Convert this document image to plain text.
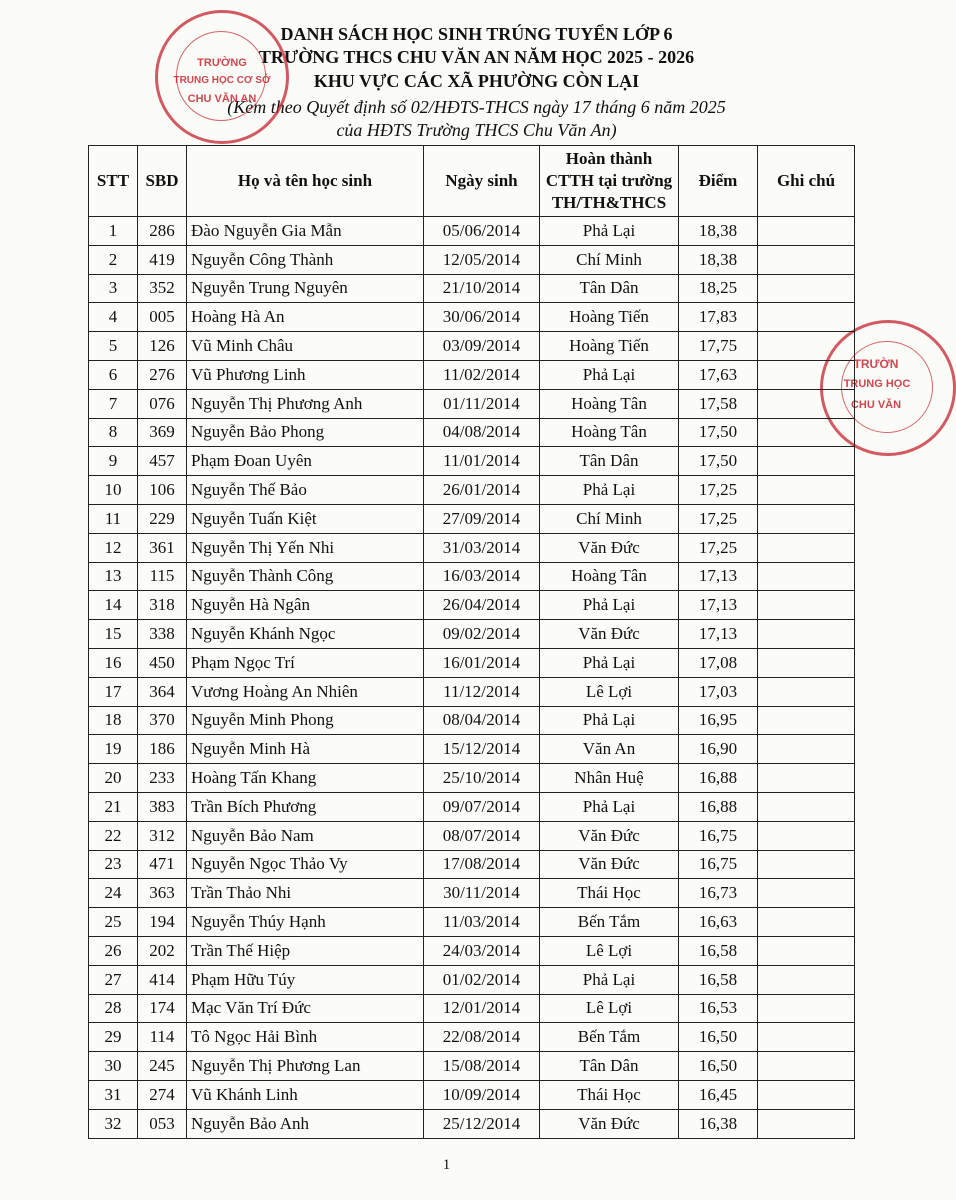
DANH SÁCH HỌC SINH TRÚNG TUYỂN LỚP 6
TRƯỜNG THCS CHU VĂN AN NĂM HỌC 2025 - 2026
KHU VỰC CÁC XÃ PHƯỜNG CÒN LẠI
(Kèm theo Quyết định số 02/HĐTS-THCS ngày 17 tháng 6 năm 2025
của HĐTS Trường THCS Chu Văn An)
TRƯỜNG
TRUNG HỌC CƠ SỞ
CHU VĂN AN
TRƯỜN
TRUNG HỌC
CHU VĂN
STT	SBD	Họ và tên học sinh	Ngày sinh	Hoàn thành
CTTH tại trường
TH/TH&THCS	Điểm	Ghi chú
1	286	Đào Nguyễn Gia Mẫn	05/06/2014	Phả Lại	18,38	
2	419	Nguyễn Công Thành	12/05/2014	Chí Minh	18,38	
3	352	Nguyễn Trung Nguyên	21/10/2014	Tân Dân	18,25	
4	005	Hoàng Hà An	30/06/2014	Hoàng Tiến	17,83	
5	126	Vũ Minh Châu	03/09/2014	Hoàng Tiến	17,75	
6	276	Vũ Phương Linh	11/02/2014	Phả Lại	17,63	
7	076	Nguyễn Thị Phương Anh	01/11/2014	Hoàng Tân	17,58	
8	369	Nguyễn Bảo Phong	04/08/2014	Hoàng Tân	17,50	
9	457	Phạm Đoan Uyên	11/01/2014	Tân Dân	17,50	
10	106	Nguyễn Thế Bảo	26/01/2014	Phả Lại	17,25	
11	229	Nguyễn Tuấn Kiệt	27/09/2014	Chí Minh	17,25	
12	361	Nguyễn Thị Yến Nhi	31/03/2014	Văn Đức	17,25	
13	115	Nguyễn Thành Công	16/03/2014	Hoàng Tân	17,13	
14	318	Nguyễn Hà Ngân	26/04/2014	Phả Lại	17,13	
15	338	Nguyễn Khánh Ngọc	09/02/2014	Văn Đức	17,13	
16	450	Phạm Ngọc Trí	16/01/2014	Phả Lại	17,08	
17	364	Vương Hoàng An Nhiên	11/12/2014	Lê Lợi	17,03	
18	370	Nguyễn Minh Phong	08/04/2014	Phả Lại	16,95	
19	186	Nguyễn Minh Hà	15/12/2014	Văn An	16,90	
20	233	Hoàng Tấn Khang	25/10/2014	Nhân Huệ	16,88	
21	383	Trần Bích Phương	09/07/2014	Phả Lại	16,88	
22	312	Nguyễn Bảo Nam	08/07/2014	Văn Đức	16,75	
23	471	Nguyễn Ngọc Thảo Vy	17/08/2014	Văn Đức	16,75	
24	363	Trần Thảo Nhi	30/11/2014	Thái Học	16,73	
25	194	Nguyễn Thúy Hạnh	11/03/2014	Bến Tắm	16,63	
26	202	Trần Thế Hiệp	24/03/2014	Lê Lợi	16,58	
27	414	Phạm Hữu Túy	01/02/2014	Phả Lại	16,58	
28	174	Mạc Văn Trí Đức	12/01/2014	Lê Lợi	16,53	
29	114	Tô Ngọc Hải Bình	22/08/2014	Bến Tắm	16,50	
30	245	Nguyễn Thị Phương Lan	15/08/2014	Tân Dân	16,50	
31	274	Vũ Khánh Linh	10/09/2014	Thái Học	16,45	
32	053	Nguyễn Bảo Anh	25/12/2014	Văn Đức	16,38	
1
